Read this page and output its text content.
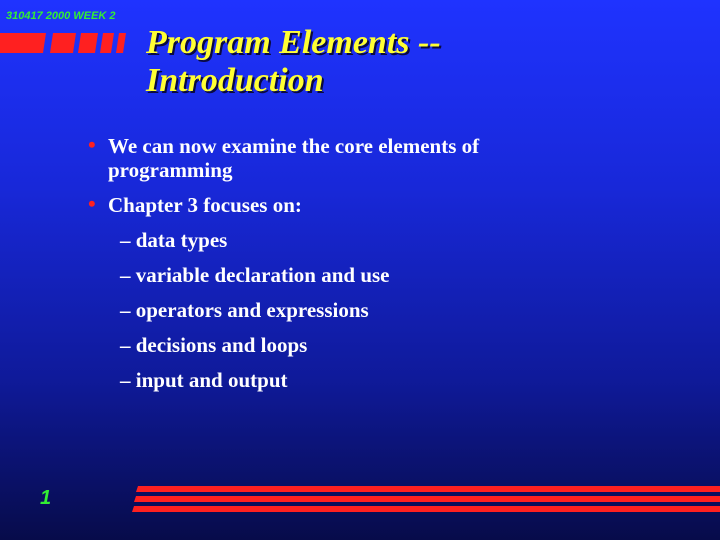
310417 2000 WEEK 2
Program Elements --
Introduction
• We can now examine the core elements of programming
• Chapter 3 focuses on:
– data types
– variable declaration and use
– operators and expressions
– decisions and loops
– input and output
1
